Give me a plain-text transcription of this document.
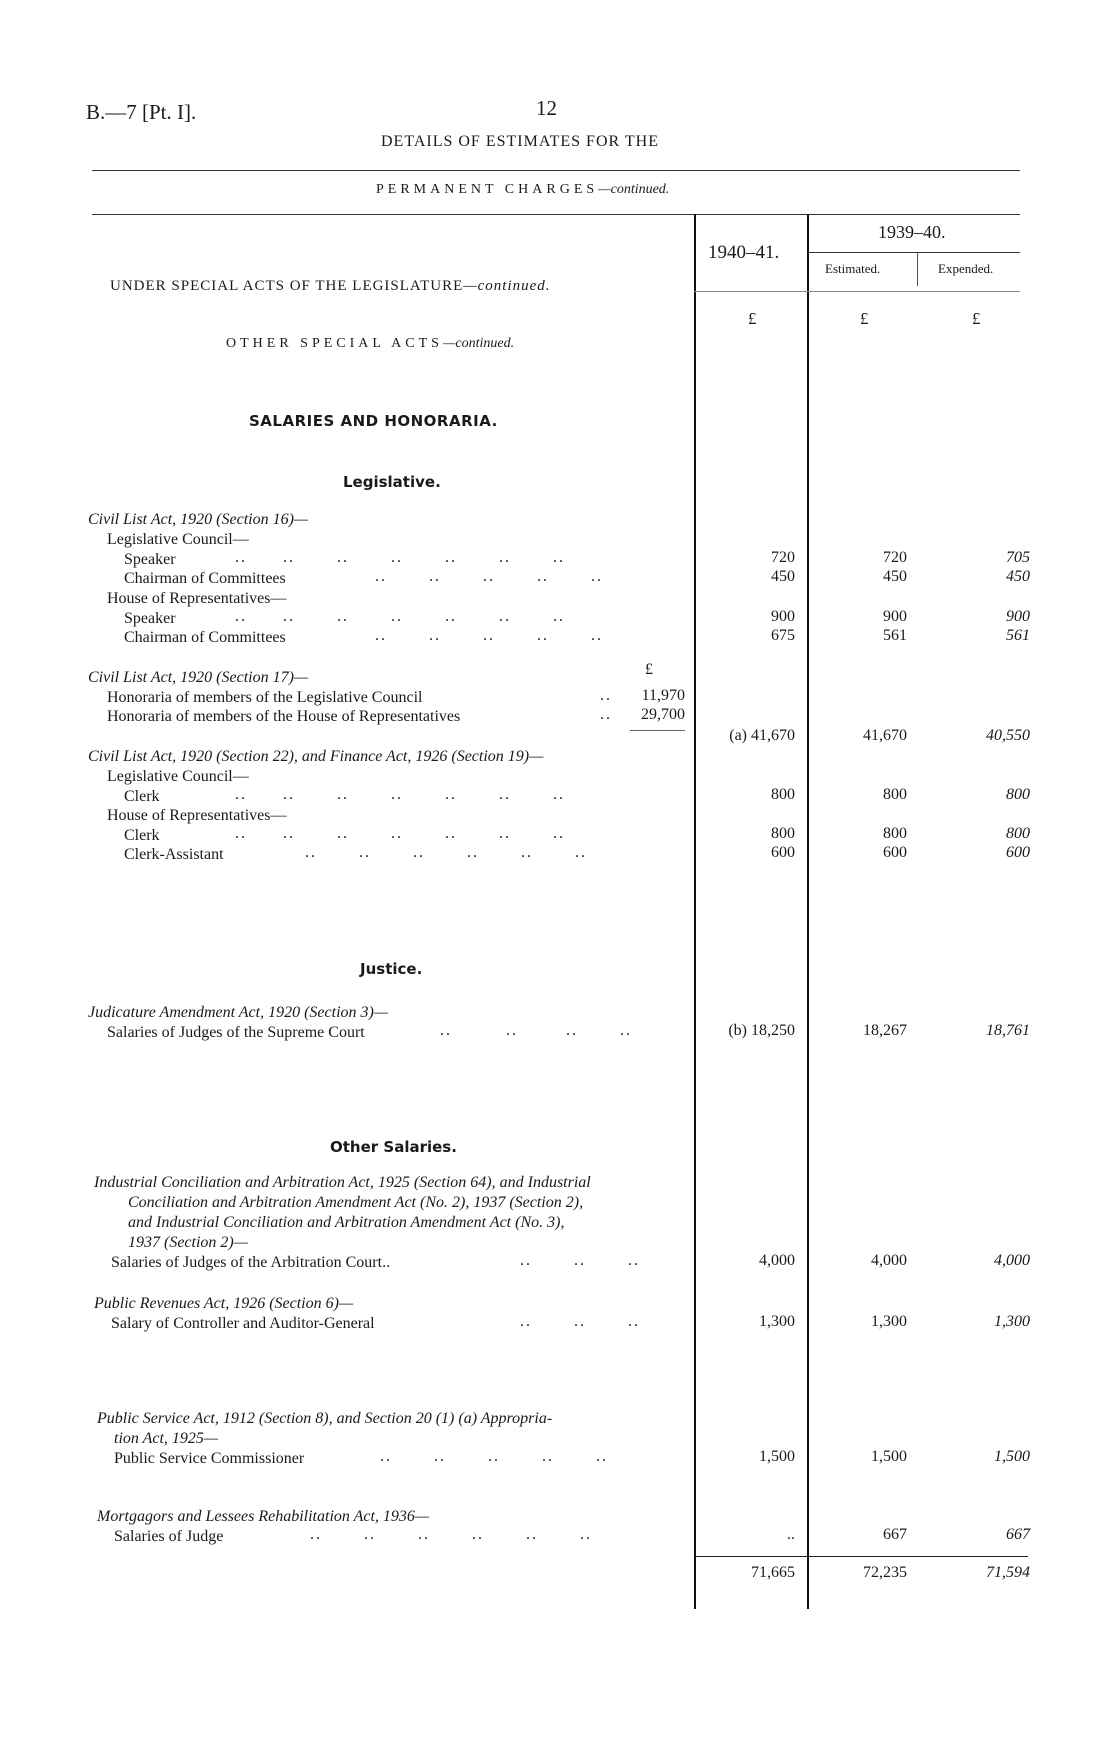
B.—7 [Pt. I].	12
DETAILS OF ESTIMATES FOR THE
PERMANENT CHARGES—continued.
1940–41.
1939–40.
Estimated.	Expended.
£	£	£
UNDER SPECIAL ACTS OF THE LEGISLATURE—continued.
OTHER SPECIAL ACTS—continued.
SALARIES AND HONORARIA.
Legislative.
Civil List Act, 1920 (Section 16)—
Legislative Council—
Speaker	..      ..       ..       ..       ..       ..       ..	720	720	705
Chairman of Committees	..       ..       ..       ..       ..	450	450	450
House of Representatives—
Speaker	..      ..       ..       ..       ..       ..       ..	900	900	900
Chairman of Committees	..       ..       ..       ..       ..	675	561	561
Civil List Act, 1920 (Section 17)—	£
Honoraria of members of the Legislative Council	..	11,970
Honoraria of members of the House of Representatives	..	29,700
(a) 41,670	41,670	40,550
Civil List Act, 1920 (Section 22), and Finance Act, 1926 (Section 19)—
Legislative Council—
Clerk	..      ..       ..       ..       ..       ..       ..	800	800	800
House of Representatives—
Clerk	..      ..       ..       ..       ..       ..       ..	800	800	800
Clerk-Assistant	..       ..       ..       ..       ..       ..	600	600	600
Justice.
Judicature Amendment Act, 1920 (Section 3)—
Salaries of Judges of the Supreme Court	..         ..        ..       ..	(b) 18,250	18,267	18,761
Other Salaries.
Industrial Conciliation and Arbitration Act, 1925 (Section 64), and Industrial
Conciliation and Arbitration Amendment Act (No. 2), 1937 (Section 2),
and Industrial Conciliation and Arbitration Amendment Act (No. 3),
1937 (Section 2)—
Salaries of Judges of the Arbitration Court..	..       ..       ..	4,000	4,000	4,000
Public Revenues Act, 1926 (Section 6)—
Salary of Controller and Auditor-General	..       ..       ..	1,300	1,300	1,300
Public Service Act, 1912 (Section 8), and Section 20 (1) (a) Appropria-
tion Act, 1925—
Public Service Commissioner	..       ..       ..       ..       ..	1,500	1,500	1,500
Mortgagors and Lessees Rehabilitation Act, 1936—
Salaries of Judge	..       ..       ..       ..       ..       ..	..	667	667
71,665	72,235	71,594
